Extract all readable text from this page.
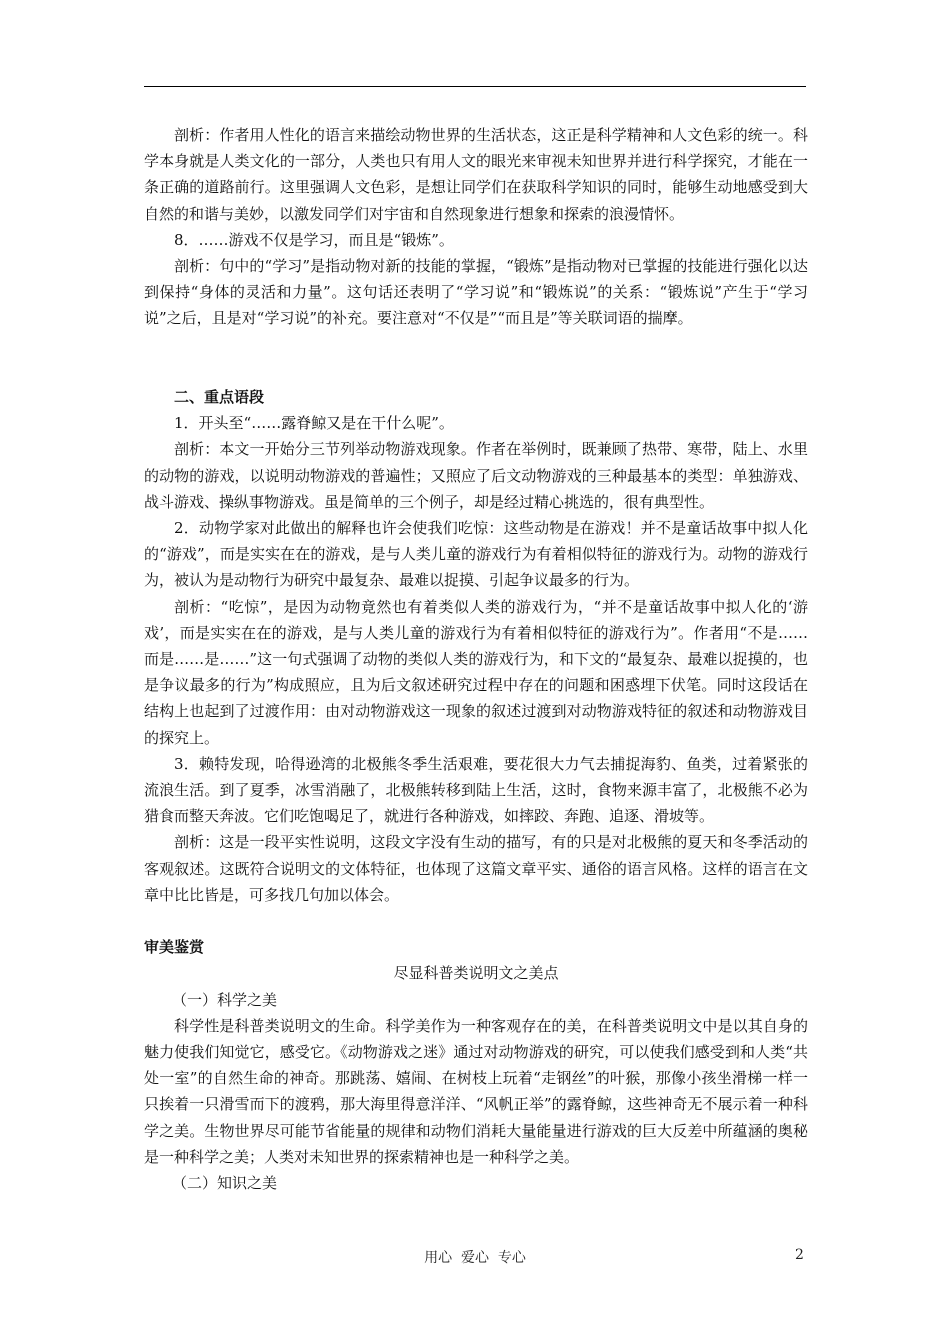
剖析：作者用人性化的语言来描绘动物世界的生活状态，这正是科学精神和人文色彩的统一。科学本身就是人类文化的一部分，人类也只有用人文的眼光来审视未知世界并进行科学探究，才能在一条正确的道路前行。这里强调人文色彩，是想让同学们在获取科学知识的同时，能够生动地感受到大自然的和谐与美妙，以激发同学们对宇宙和自然现象进行想象和探索的浪漫情怀。

8．……游戏不仅是学习，而且是“锻炼”。

剖析：句中的“学习”是指动物对新的技能的掌握，“锻炼”是指动物对已掌握的技能进行强化以达到保持“身体的灵活和力量”。这句话还表明了“学习说”和“锻炼说”的关系：“锻炼说”产生于“学习说”之后，且是对“学习说”的补充。要注意对“不仅是”“而且是”等关联词语的揣摩。

二、重点语段

1．开头至“……露脊鲸又是在干什么呢”。

剖析：本文一开始分三节列举动物游戏现象。作者在举例时，既兼顾了热带、寒带，陆上、水里的动物的游戏，以说明动物游戏的普遍性；又照应了后文动物游戏的三种最基本的类型：单独游戏、战斗游戏、操纵事物游戏。虽是简单的三个例子，却是经过精心挑选的，很有典型性。

2．动物学家对此做出的解释也许会使我们吃惊：这些动物是在游戏！并不是童话故事中拟人化的“游戏”，而是实实在在的游戏，是与人类儿童的游戏行为有着相似特征的游戏行为。动物的游戏行为，被认为是动物行为研究中最复杂、最难以捉摸、引起争议最多的行为。

剖析：“吃惊”，是因为动物竟然也有着类似人类的游戏行为，“并不是童话故事中拟人化的‘游戏’，而是实实在在的游戏，是与人类儿童的游戏行为有着相似特征的游戏行为”。作者用“不是……而是……是……”这一句式强调了动物的类似人类的游戏行为，和下文的“最复杂、最难以捉摸的，也是争议最多的行为”构成照应，且为后文叙述研究过程中存在的问题和困惑埋下伏笔。同时这段话在结构上也起到了过渡作用：由对动物游戏这一现象的叙述过渡到对动物游戏特征的叙述和动物游戏目的探究上。

3．赖特发现，哈得逊湾的北极熊冬季生活艰难，要花很大力气去捕捉海豹、鱼类，过着紧张的流浪生活。到了夏季，冰雪消融了，北极熊转移到陆上生活，这时，食物来源丰富了，北极熊不必为猎食而整天奔波。它们吃饱喝足了，就进行各种游戏，如摔跤、奔跑、追逐、滑坡等。

剖析：这是一段平实性说明，这段文字没有生动的描写，有的只是对北极熊的夏天和冬季活动的客观叙述。这既符合说明文的文体特征，也体现了这篇文章平实、通俗的语言风格。这样的语言在文章中比比皆是，可多找几句加以体会。

审美鉴赏

尽显科普类说明文之美点

（一）科学之美

科学性是科普类说明文的生命。科学美作为一种客观存在的美，在科普类说明文中是以其自身的魅力使我们知觉它，感受它。《动物游戏之迷》通过对动物游戏的研究，可以使我们感受到和人类“共处一室”的自然生命的神奇。那跳荡、嬉闹、在树枝上玩着“走钢丝”的叶猴，那像小孩坐滑梯一样一只挨着一只滑雪而下的渡鸦，那大海里得意洋洋、“风帆正举”的露脊鲸，这些神奇无不展示着一种科学之美。生物世界尽可能节省能量的规律和动物们消耗大量能量进行游戏的巨大反差中所蕴涵的奥秘是一种科学之美；人类对未知世界的探索精神也是一种科学之美。

（二）知识之美

用心  爱心  专心	2
